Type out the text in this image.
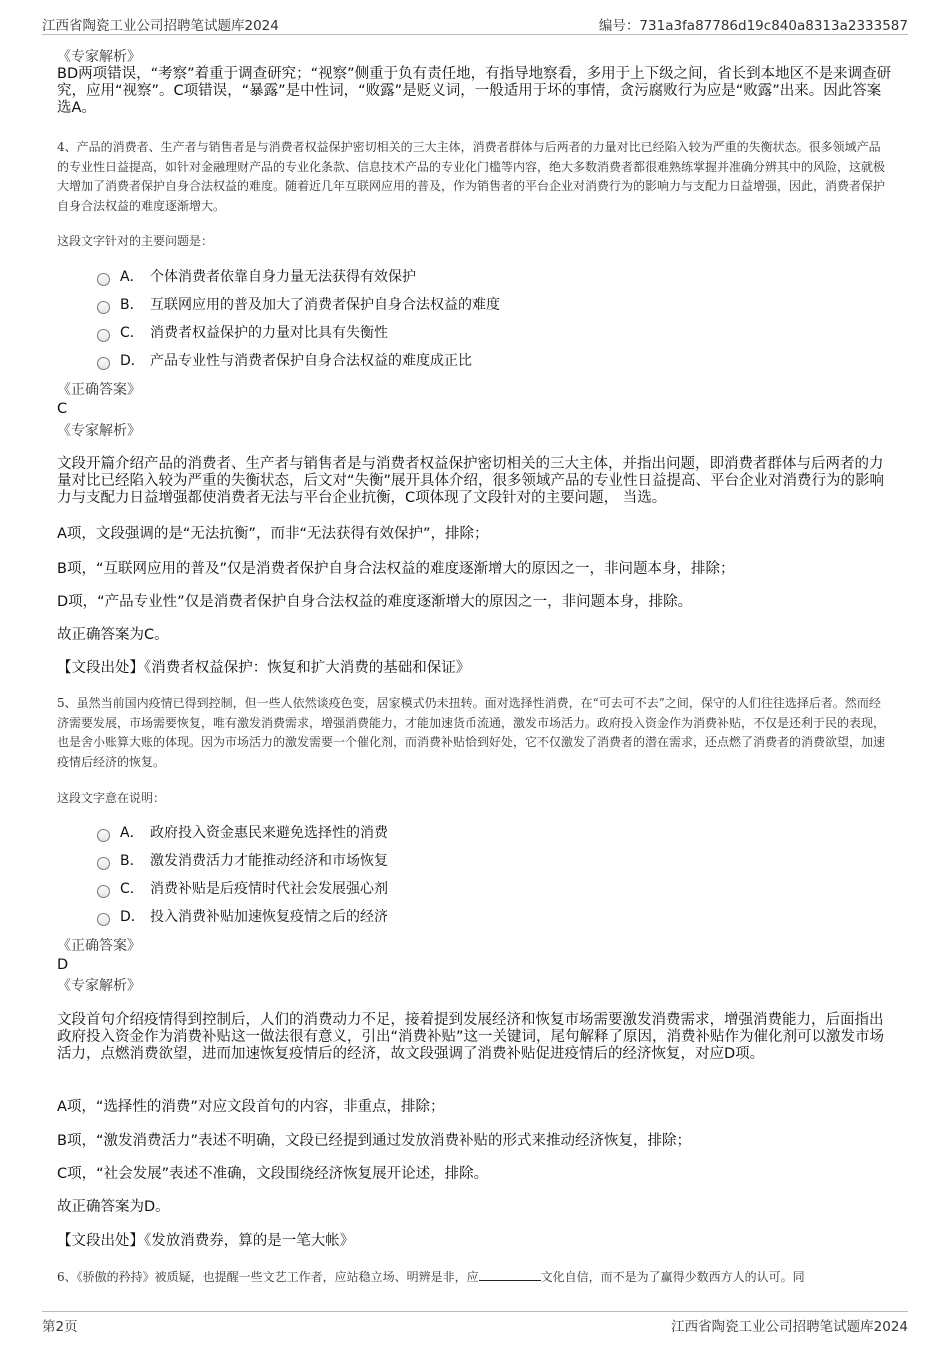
江西省陶瓷工业公司招聘笔试题库2024	编号：731a3fa87786d19c840a8313a2333587

《专家解析》

BD两项错误，“考察”着重于调查研究；“视察”侧重于负有责任地，有指导地察看，多用于上下级之间，省长到本地区不是来调查研究，应用“视察”。C项错误，“暴露”是中性词，“败露”是贬义词，一般适用于坏的事情，贪污腐败行为应是“败露”出来。因此答案选A。

4、产品的消费者、生产者与销售者是与消费者权益保护密切相关的三大主体，消费者群体与后两者的力量对比已经陷入较为严重的失衡状态。很多领域产品的专业性日益提高，如针对金融理财产品的专业化条款、信息技术产品的专业化门槛等内容，绝大多数消费者都很难熟练掌握并准确分辨其中的风险，这就极大增加了消费者保护自身合法权益的难度。随着近几年互联网应用的普及，作为销售者的平台企业对消费行为的影响力与支配力日益增强，因此，消费者保护自身合法权益的难度逐渐增大。

这段文字针对的主要问题是：

A． 个体消费者依靠自身力量无法获得有效保护
B． 互联网应用的普及加大了消费者保护自身合法权益的难度
C． 消费者权益保护的力量对比具有失衡性
D． 产品专业性与消费者保护自身合法权益的难度成正比

《正确答案》

C

《专家解析》

文段开篇介绍产品的消费者、生产者与销售者是与消费者权益保护密切相关的三大主体，并指出问题，即消费者群体与后两者的力量对比已经陷入较为严重的失衡状态，后文对“失衡”展开具体介绍，很多领域产品的专业性日益提高、平台企业对消费行为的影响力与支配力日益增强都使消费者无法与平台企业抗衡，C项体现了文段针对的主要问题， 当选。

A项，文段强调的是“无法抗衡”，而非“无法获得有效保护”，排除；

B项，“互联网应用的普及”仅是消费者保护自身合法权益的难度逐渐增大的原因之一，非问题本身，排除；

D项，“产品专业性”仅是消费者保护自身合法权益的难度逐渐增大的原因之一，非问题本身，排除。

故正确答案为C。

【文段出处】《消费者权益保护：恢复和扩大消费的基础和保证》

5、虽然当前国内疫情已得到控制，但一些人依然谈疫色变，居家模式仍未扭转。面对选择性消费，在“可去可不去”之间，保守的人们往往选择后者。然而经济需要发展，市场需要恢复，唯有激发消费需求，增强消费能力，才能加速货币流通，激发市场活力。政府投入资金作为消费补贴，不仅是还利于民的表现，也是舍小账算大账的体现。因为市场活力的激发需要一个催化剂，而消费补贴恰到好处，它不仅激发了消费者的潜在需求，还点燃了消费者的消费欲望，加速疫情后经济的恢复。

这段文字意在说明：

A． 政府投入资金惠民来避免选择性的消费
B． 激发消费活力才能推动经济和市场恢复
C． 消费补贴是后疫情时代社会发展强心剂
D． 投入消费补贴加速恢复疫情之后的经济

《正确答案》

D

《专家解析》

文段首句介绍疫情得到控制后，人们的消费动力不足，接着提到发展经济和恢复市场需要激发消费需求，增强消费能力，后面指出政府投入资金作为消费补贴这一做法很有意义，引出“消费补贴”这一关键词，尾句解释了原因，消费补贴作为催化剂可以激发市场活力，点燃消费欲望，进而加速恢复疫情后的经济，故文段强调了消费补贴促进疫情后的经济恢复，对应D项。

A项，“选择性的消费”对应文段首句的内容，非重点，排除；

B项，“激发消费活力”表述不明确，文段已经提到通过发放消费补贴的形式来推动经济恢复，排除；

C项，“社会发展”表述不准确，文段围绕经济恢复展开论述，排除。

故正确答案为D。

【文段出处】《发放消费券，算的是一笔大帐》

6、《骄傲的矜持》被质疑，也提醒一些文艺工作者，应站稳立场、明辨是非，应	文化自信，而不是为了赢得少数西方人的认可。同

第2页	江西省陶瓷工业公司招聘笔试题库2024
